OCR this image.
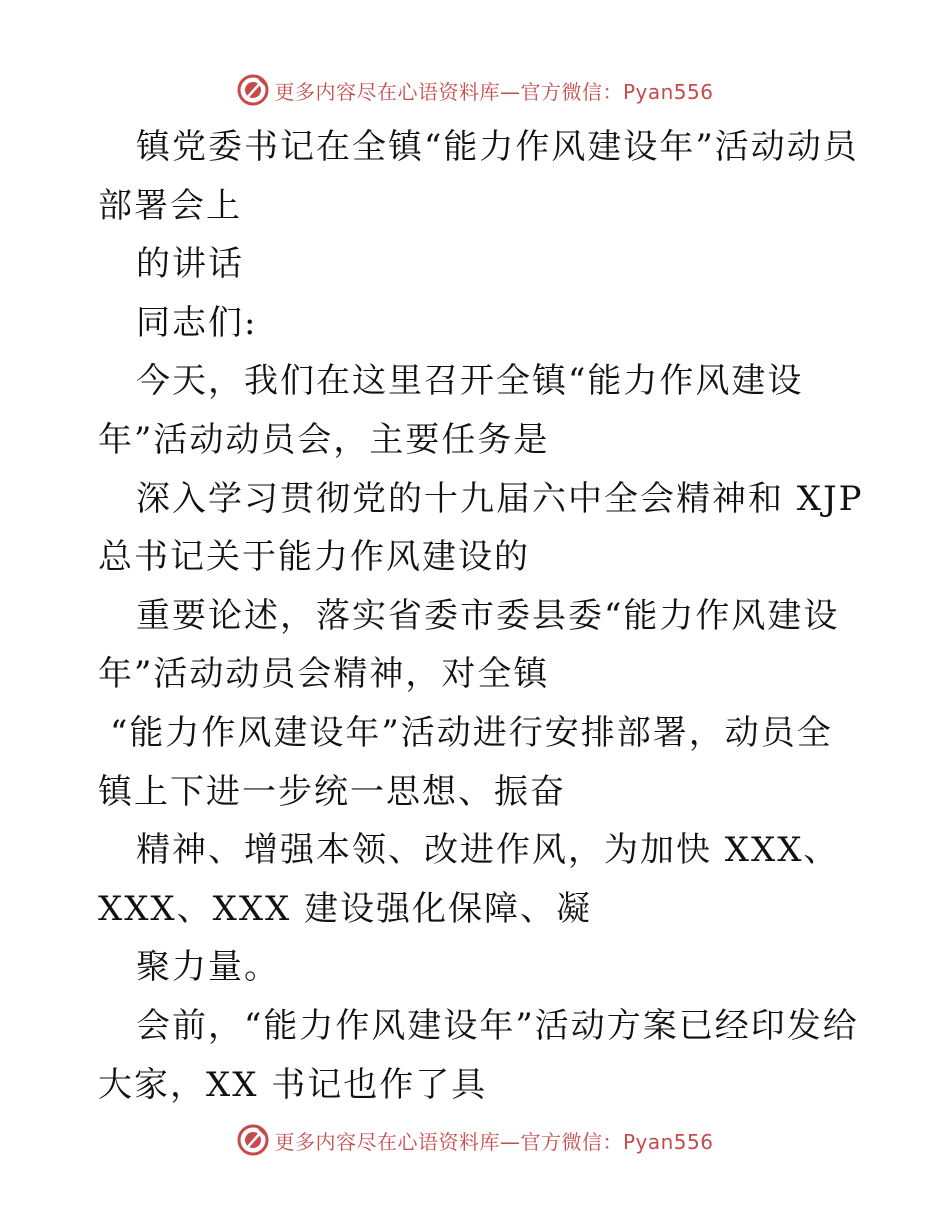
更多内容尽在心语资料库—官方微信：Pyan556
镇党委书记在全镇“能力作风建设年”活动动员
部署会上
的讲话
同志们:
今天，我们在这里召开全镇“能力作风建设
年”活动动员会，主要任务是
深入学习贯彻党的十九届六中全会精神和 XJP
总书记关于能力作风建设的
重要论述，落实省委市委县委“能力作风建设
年”活动动员会精神，对全镇
“能力作风建设年”活动进行安排部署，动员全
镇上下进一步统一思想、振奋
精神、增强本领、改进作风，为加快 XXX、
XXX、XXX 建设强化保障、凝
聚力量。
会前，“能力作风建设年”活动方案已经印发给
大家，XX 书记也作了具
更多内容尽在心语资料库—官方微信：Pyan556
